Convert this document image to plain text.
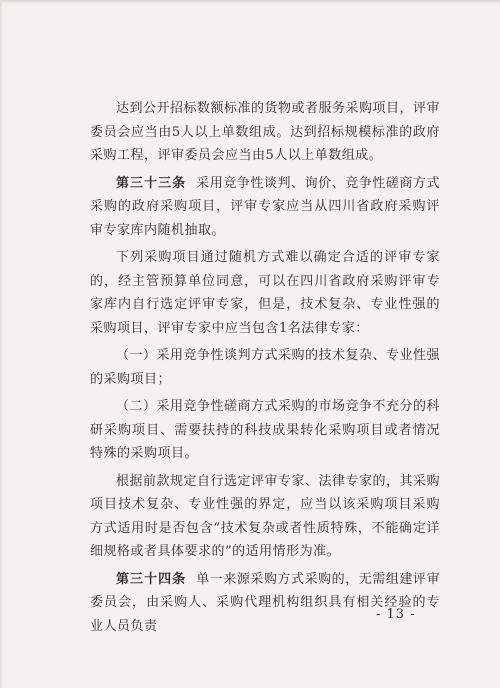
达到公开招标数额标准的货物或者服务采购项目，评审委员会应当由5人以上单数组成。达到招标规模标准的政府采购工程，评审委员会应当由5人以上单数组成。

第三十三条 采用竞争性谈判、询价、竞争性磋商方式采购的政府采购项目，评审专家应当从四川省政府采购评审专家库内随机抽取。

下列采购项目通过随机方式难以确定合适的评审专家的，经主管预算单位同意，可以在四川省政府采购评审专家库内自行选定评审专家，但是，技术复杂、专业性强的采购项目，评审专家中应当包含1名法律专家：

（一）采用竞争性谈判方式采购的技术复杂、专业性强的采购项目；

（二）采用竞争性磋商方式采购的市场竞争不充分的科研采购项目、需要扶持的科技成果转化采购项目或者情况特殊的采购项目。

根据前款规定自行选定评审专家、法律专家的，其采购项目技术复杂、专业性强的界定，应当以该采购项目采购方式适用时是否包含“技术复杂或者性质特殊，不能确定详细规格或者具体要求的”的适用情形为准。

第三十四条 单一来源采购方式采购的，无需组建评审委员会，由采购人、采购代理机构组织具有相关经验的专业人员负责

- 13 -
